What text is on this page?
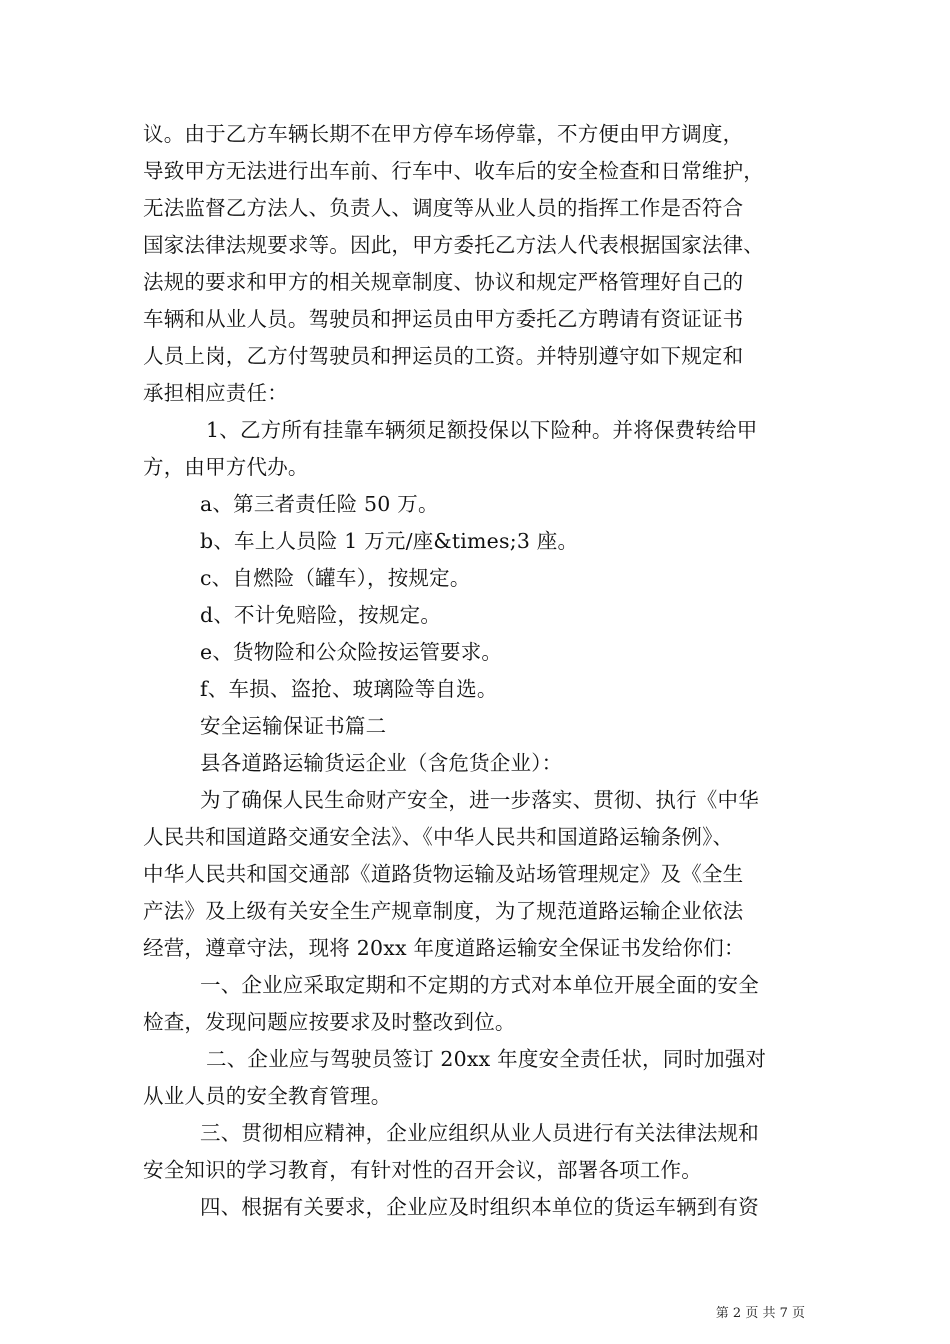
议。由于乙方车辆长期不在甲方停车场停靠，不方便由甲方调度，
导致甲方无法进行出车前、行车中、收车后的安全检查和日常维护，
无法监督乙方法人、负责人、调度等从业人员的指挥工作是否符合
国家法律法规要求等。因此，甲方委托乙方法人代表根据国家法律、
法规的要求和甲方的相关规章制度、协议和规定严格管理好自己的
车辆和从业人员。驾驶员和押运员由甲方委托乙方聘请有资证证书
人员上岗，乙方付驾驶员和押运员的工资。并特别遵守如下规定和
承担相应责任：
1、乙方所有挂靠车辆须足额投保以下险种。并将保费转给甲
方，由甲方代办。
a、第三者责任险 50 万。
b、车上人员险 1 万元/座&times;3 座。
c、自燃险（罐车），按规定。
d、不计免赔险，按规定。
e、货物险和公众险按运管要求。
f、车损、盗抢、玻璃险等自选。
安全运输保证书篇二
县各道路运输货运企业（含危货企业）：
为了确保人民生命财产安全，进一步落实、贯彻、执行《中华
人民共和国道路交通安全法》、《中华人民共和国道路运输条例》、
中华人民共和国交通部《道路货物运输及站场管理规定》及《全生
产法》及上级有关安全生产规章制度，为了规范道路运输企业依法
经营，遵章守法，现将 20xx 年度道路运输安全保证书发给你们：
一、企业应采取定期和不定期的方式对本单位开展全面的安全
检查，发现问题应按要求及时整改到位。
二、企业应与驾驶员签订 20xx 年度安全责任状，同时加强对
从业人员的安全教育管理。
三、贯彻相应精神，企业应组织从业人员进行有关法律法规和
安全知识的学习教育，有针对性的召开会议，部署各项工作。
四、根据有关要求，企业应及时组织本单位的货运车辆到有资
第 2 页 共 7 页
